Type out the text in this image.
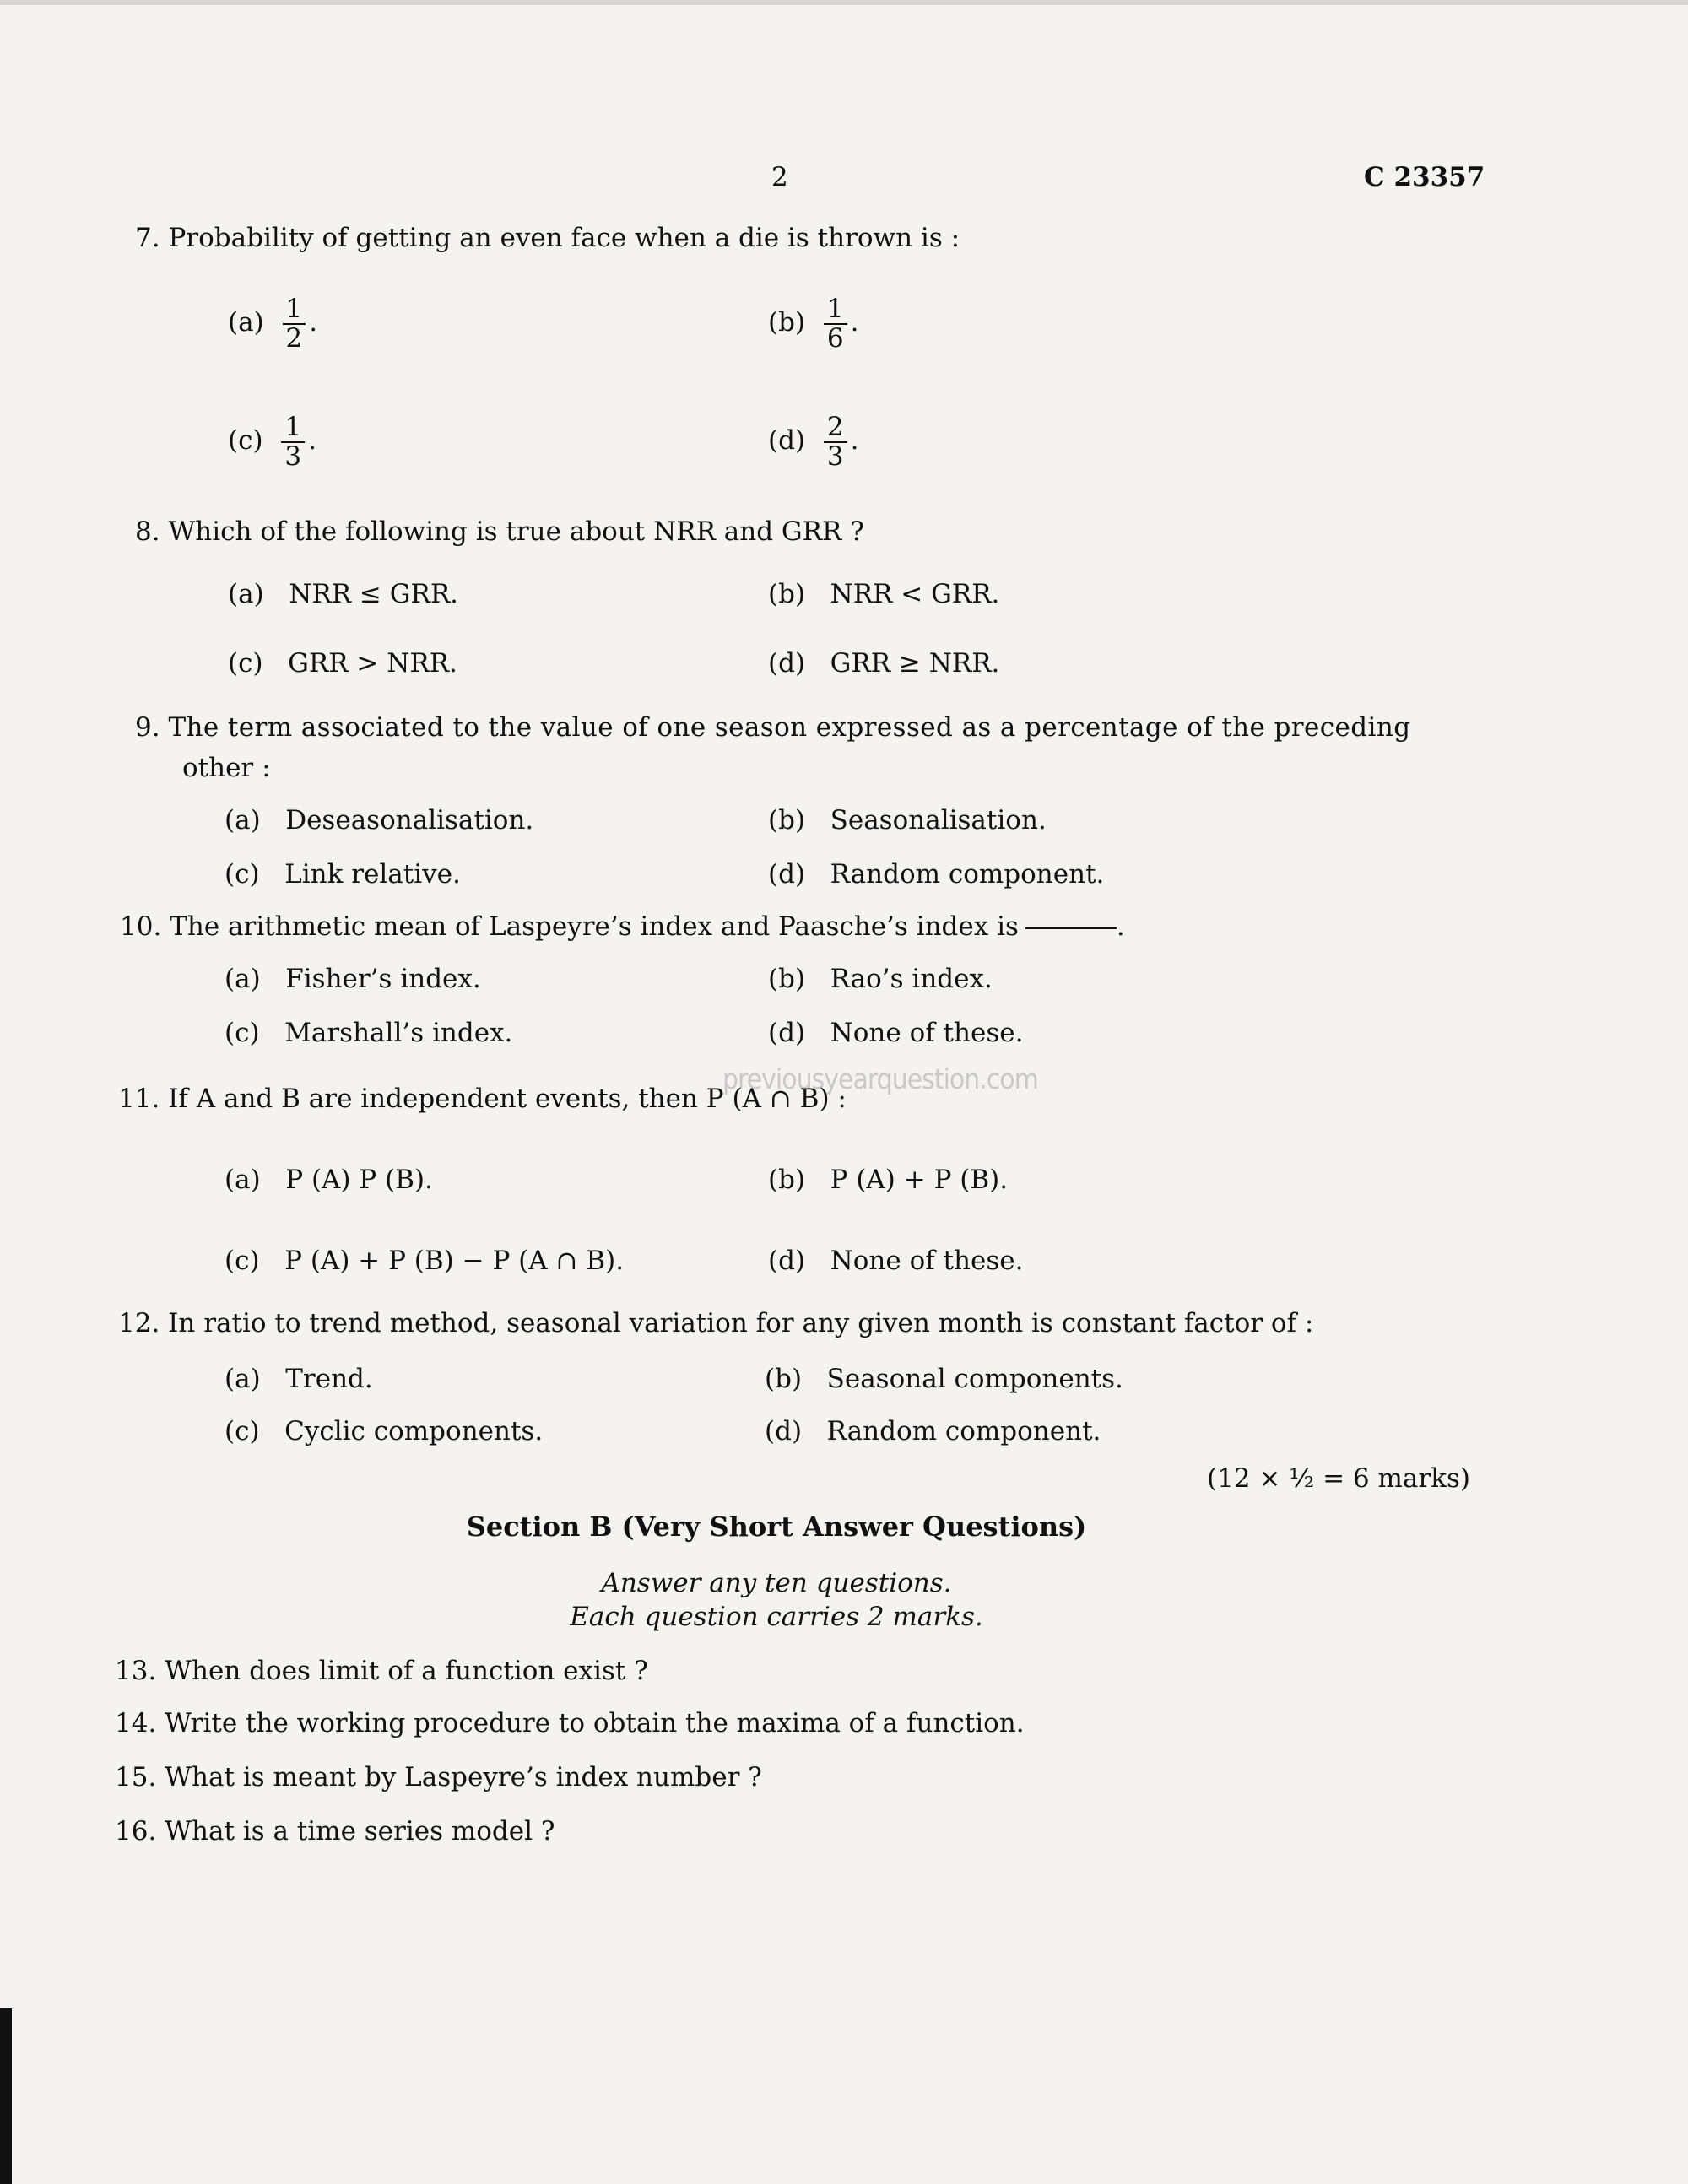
2	C 23357
7. Probability of getting an even face when a die is thrown is :
$(a) \frac{1}{2}$ .	$(b) \frac{1}{6}$ .
$(c) \frac{1}{3}$ .	$(d) \frac{2}{3}$ .
8. Which of the following is true about NRR and GRR ?
(a) NRR ≤ GRR.	(b) NRR < GRR.
(c) GRR > NRR.	(d) GRR ≥ NRR.
9. The term associated to the value of one season expressed as a percentage of the preceding
other :
(a) Deseasonalisation.	(b) Seasonalisation.
(c) Link relative.	(d) Random component.
10. The arithmetic mean of Laspeyre’s index and Paasche’s index is	.
(a) Fisher’s index.	(b) Rao’s index.
(c) Marshall’s index.	(d) None of these.
previousyearquestion.com
11. If A and B are independent events, then P (A ∩ B) :
(a) P (A) P (B).	(b) P (A) + P (B).
(c) P (A) + P (B) − P (A ∩ B).	(d) None of these.
12. In ratio to trend method, seasonal variation for any given month is constant factor of :
(a) Trend.	(b) Seasonal components.
(c) Cyclic components.	(d) Random component.
(12 × ½ = 6 marks)
Section B (Very Short Answer Questions)
Answer any ten questions.
Each question carries 2 marks.
13. When does limit of a function exist ?
14. Write the working procedure to obtain the maxima of a function.
15. What is meant by Laspeyre’s index number ?
16. What is a time series model ?
